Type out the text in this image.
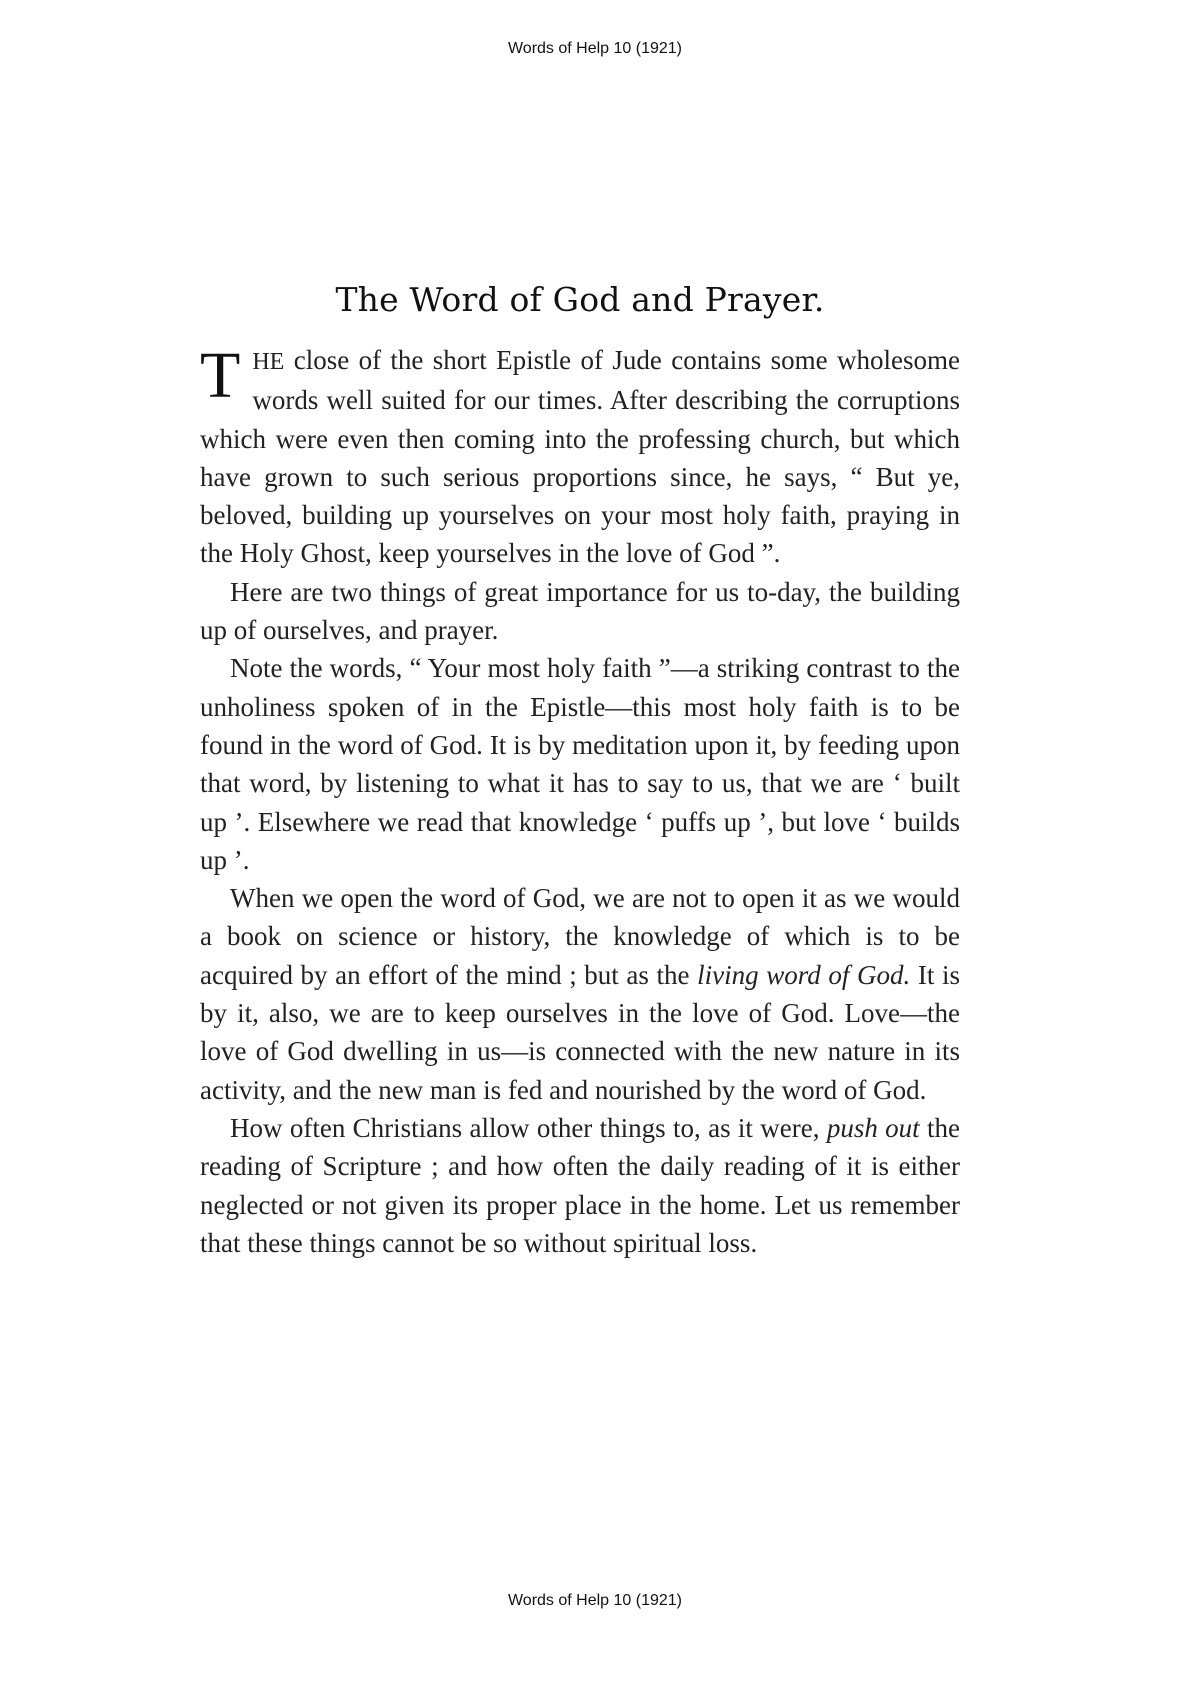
Words of Help 10 (1921)
The Word of God and Prayer.

THE close of the short Epistle of Jude contains some wholesome words well suited for our times. After describing the corruptions which were even then coming into the professing church, but which have grown to such serious proportions since, he says, “ But ye, beloved, building up yourselves on your most holy faith, praying in the Holy Ghost, keep yourselves in the love of God ”.

Here are two things of great importance for us to-day, the building up of ourselves, and prayer.

Note the words, “ Your most holy faith ”—a striking contrast to the unholiness spoken of in the Epistle—this most holy faith is to be found in the word of God. It is by meditation upon it, by feeding upon that word, by listening to what it has to say to us, that we are ‘ built up ’. Elsewhere we read that knowledge ‘ puffs up ’, but love ‘ builds up ’.

When we open the word of God, we are not to open it as we would a book on science or history, the knowledge of which is to be acquired by an effort of the mind ; but as the living word of God. It is by it, also, we are to keep ourselves in the love of God. Love—the love of God dwelling in us—is connected with the new nature in its activity, and the new man is fed and nourished by the word of God.

How often Christians allow other things to, as it were, push out the reading of Scripture ; and how often the daily reading of it is either neglected or not given its proper place in the home. Let us remember that these things cannot be so without spiritual loss.

Words of Help 10 (1921)
